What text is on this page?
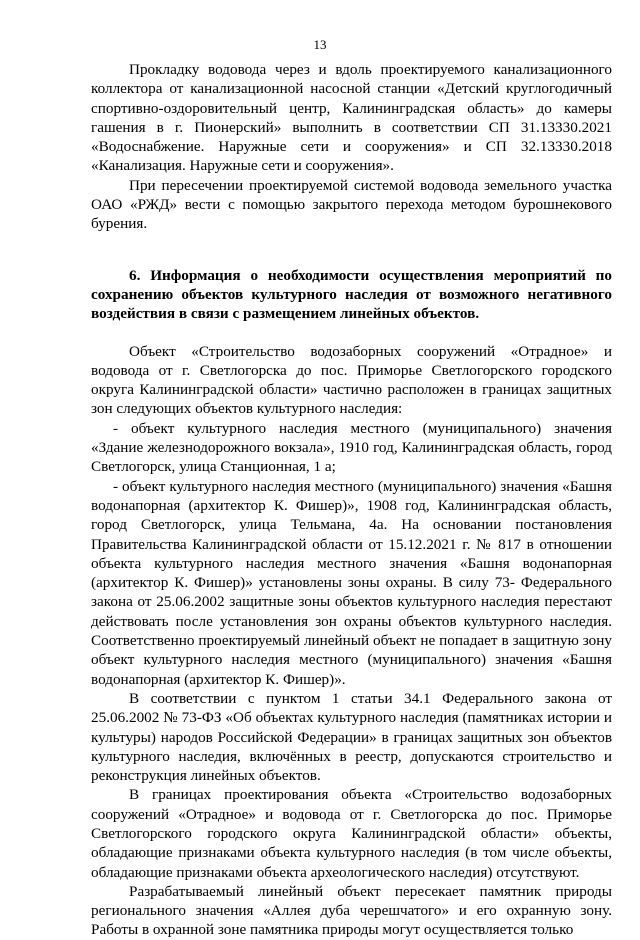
13

Прокладку водовода через и вдоль проектируемого канализационного коллектора от канализационной насосной станции «Детский круглогодичный спортивно-оздоровительный центр, Калининградская область» до камеры гашения в г. Пионерский» выполнить в соответствии СП 31.13330.2021 «Водоснабжение. Наружные сети и сооружения» и СП 32.13330.2018 «Канализация. Наружные сети и сооружения».

При пересечении проектируемой системой водовода земельного участка ОАО «РЖД» вести с помощью закрытого перехода методом бурошнекового бурения.

6. Информация о необходимости осуществления мероприятий по сохранению объектов культурного наследия от возможного негативного воздействия в связи с размещением линейных объектов.

Объект «Строительство водозаборных сооружений «Отрадное» и водовода от г. Светлогорска до пос. Приморье Светлогорского городского округа Калининградской области» частично расположен в границах защитных зон следующих объектов культурного наследия:

- объект культурного наследия местного (муниципального) значения «Здание железнодорожного вокзала», 1910 год, Калининградская область, город Светлогорск, улица Станционная, 1 а;

- объект культурного наследия местного (муниципального) значения «Башня водонапорная (архитектор К. Фишер)», 1908 год, Калининградская область, город Светлогорск, улица Тельмана, 4а. На основании постановления Правительства Калининградской области от 15.12.2021 г. № 817 в отношении объекта культурного наследия местного значения «Башня водонапорная (архитектор К. Фишер)» установлены зоны охраны. В силу 73- Федерального закона от 25.06.2002 защитные зоны объектов культурного наследия перестают действовать после установления зон охраны объектов культурного наследия. Соответственно проектируемый линейный объект не попадает в защитную зону объект культурного наследия местного (муниципального) значения «Башня водонапорная (архитектор К. Фишер)».

В соответствии с пунктом 1 статьи 34.1 Федерального закона от 25.06.2002 № 73-ФЗ «Об объектах культурного наследия (памятниках истории и культуры) народов Российской Федерации» в границах защитных зон объектов культурного наследия, включённых в реестр, допускаются строительство и реконструкция линейных объектов.

В границах проектирования объекта «Строительство водозаборных сооружений «Отрадное» и водовода от г. Светлогорска до пос. Приморье Светлогорского городского округа Калининградской области» объекты, обладающие признаками объекта культурного наследия (в том числе объекты, обладающие признаками объекта археологического наследия) отсутствуют.

Разрабатываемый линейный объект пересекает памятник природы регионального значения «Аллея дуба черешчатого» и его охранную зону. Работы в охранной зоне памятника природы могут осуществляется только
